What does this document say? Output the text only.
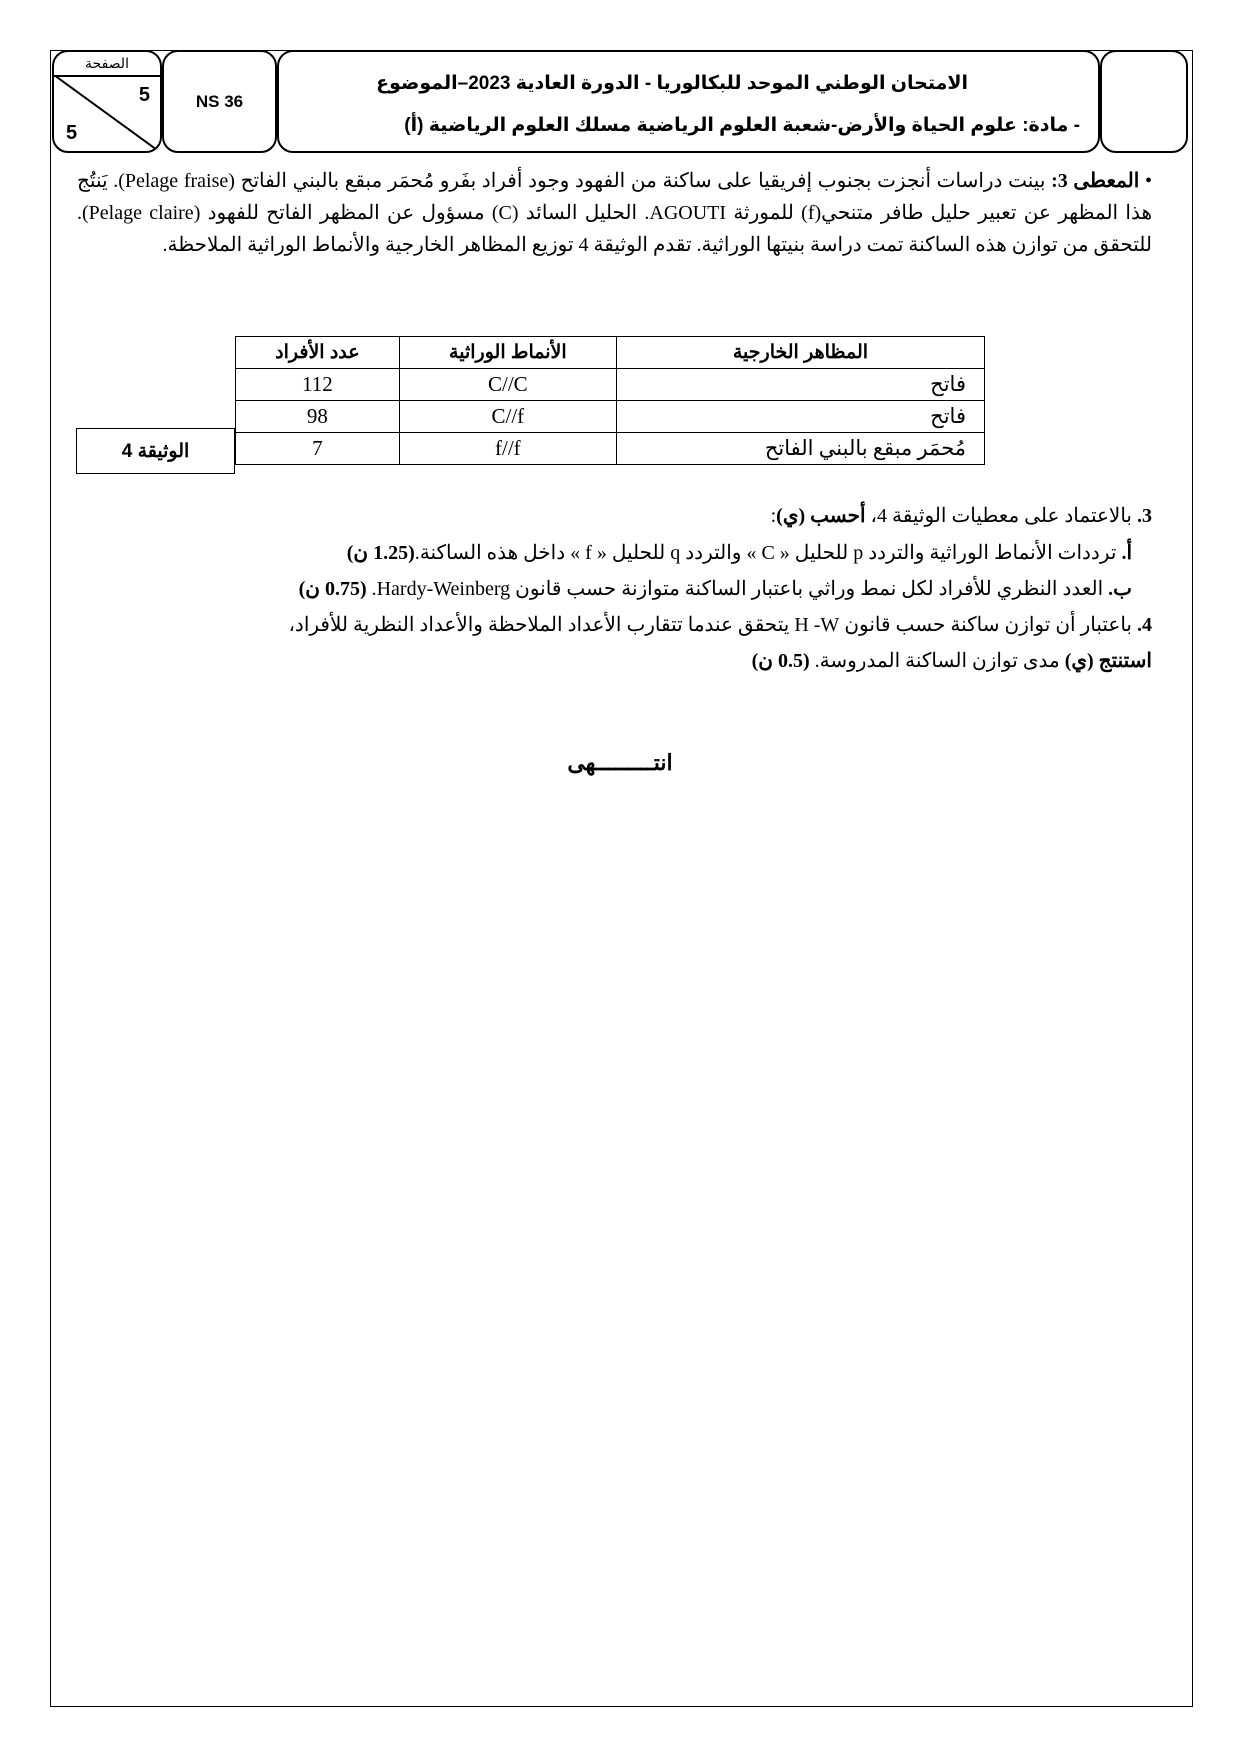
الصفحة
5
5
NS 36
الامتحان الوطني الموحد للبكالوريا - الدورة العادية 2023–الموضوع
- مادة: علوم الحياة والأرض-شعبة العلوم الرياضية مسلك العلوم الرياضية (أ)
• المعطى 3: بينت دراسات أنجزت بجنوب إفريقيا على ساكنة من الفهود وجود أفراد بفَرو مُحمَر مبقع بالبني الفاتح (Pelage fraise). يَنتُج هذا المظهر عن تعبير حليل طافر متنحي(f) للمورثة AGOUTI. الحليل السائد (C) مسؤول عن المظهر الفاتح للفهود (Pelage claire). للتحقق من توازن هذه الساكنة تمت دراسة بنيتها الوراثية. تقدم الوثيقة 4 توزيع المظاهر الخارجية والأنماط الوراثية الملاحظة.
المظاهر الخارجية	الأنماط الوراثية	عدد الأفراد
فاتح	C//C	112
فاتح	C//f	98
مُحمَر مبقع بالبني الفاتح	f//f	7
الوثيقة 4
3. بالاعتماد على معطيات الوثيقة 4، أحسب (ي):
أ. ترددات الأنماط الوراثية والتردد p للحليل « C » والتردد q للحليل « f » داخل هذه الساكنة.(1.25 ن)
ب. العدد النظري للأفراد لكل نمط وراثي باعتبار الساكنة متوازنة حسب قانون Hardy-Weinberg. (0.75 ن)
4. باعتبار أن توازن ساكنة حسب قانون H -W يتحقق عندما تتقارب الأعداد الملاحظة والأعداد النظرية للأفراد،
استنتج (ي) مدى توازن الساكنة المدروسة. (0.5 ن)
انتـــــــــهى
